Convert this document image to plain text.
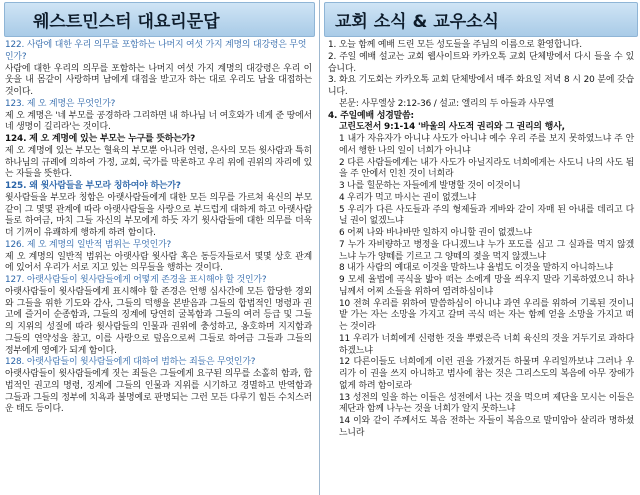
웨스트민스터 대요리문답
122. 사람에 대한 우리 의무를 포함하는 나머지 여섯 가지 계명의 대강령은 무엇인가?
사람에 대한 우리의 의무를 포함하는 나머지 여섯 가지 계명의 대강령은 우리 이웃을 내 몸같이 사랑하며 남에게 대접을 받고자 하는 대로 우리도 남을 대접하는 것이다.
123. 제 오 계명은 무엇인가?
제 오 계명은 '네 부모를 공경하라 그리하면 내 하나님 너 여호와가 네게 준 땅에서 네 생명이 길리라'는 것이다.
124. 제 오 계명에 있는 부모는 누구를 뜻하는가?
제 오 계명에 있는 부모는 혈육의 부모뿐 아니라 연령, 은사의 모든 윗사람과 특히 하나님의 규례에 의하여 가정, 교회, 국가를 막론하고 우리 위에 권위의 자리에 있는 자들을 뜻한다.
125. 왜 윗사람들을 부모라 칭하여야 하는가?
윗사람들을 부모라 칭함은 아랫사람들에게 대한 모든 의무를 가르쳐 육신의 부모같이 그 몇몇 관계에 따라 아랫사람들을 사랑으로 부드럽게 대하게 하고 아랫사람들로 하여금, 마치 그들 자신의 부모에게 하듯 자기 윗사람들에 대한 의무를 더욱더 기꺼이 유쾌하게 행하게 하려 함이다.
126. 제 오 계명의 일반적 범위는 무엇인가?
제 오 계명의 일반적 범위는 아랫사람 윗사람 혹은 동등자들로서 몇몇 상호 관계에 있어서 우리가 서로 지고 있는 의무들을 행하는 것이다.
127. 아랫사람들이 윗사람들에게 어떻게 존경을 표시해야 할 것인가?
아랫사람들이 윗사람들에게 표시해야 할 존경은 언행 심사간에 모든 합당한 경외와 그들을 위한 기도와 감사, 그들의 덕행을 본받음과 그들의 합법적인 명령과 권고에 즐거이 순종함과, 그들의 징계에 당연히 굴복함과 그들의 여러 등급 및 그들의 지위의 성질에 따라 윗사람들의 인물과 권위에 충성하고, 옹호하며 지지함과 그들의 연약성을 참고, 이를 사랑으로 덮음으로써 그들로 하여금 그들과 그들의 정부에게 영예가 되게 함이다.
128. 아랫사람들이 윗사람들에게 대하여 범하는 죄들은 무엇인가?
아랫사람들이 윗사람들에게 짓는 죄들은 그들에게 요구된 의무를 소홀히 함과, 합법적인 권고의 명령, 징계에 그들의 인물과 지위를 시기하고 경멸하고 반역함과 그들과 그들의 정부에 치욕과 불명예로 판명되는 그런 모든 다루기 힘든 수치스러운 태도 등이다.
교회 소식 & 교우소식
1. 오늘 함께 예배 드린 모든 성도들을 주님의 이름으로 환영합니다.
2. 주일 예배 설교는 교회 웹사이트와 카카오톡 교회 단체방에서 다시 들을 수 있습니다.
3. 화요 기도회는 카카오톡 교회 단체방에서 매주 화요일 저녁 8 시 20 분에 갖습니다.
본문: 사무엘상 2:12-36 / 설교: 엘리의 두 아들과 사무엘
4. 주일예배 성경말씀:
고린도전서 9:1-14 '바울의 사도적 권리와 그 권리의 행사,
1 내가 자유자가 아니냐 사도가 아니냐 예수 우리 주를 보지 못하였느냐 주 안에서 행한 나의 일이 너희가 아니냐
2 다른 사람들에게는 내가 사도가 아닐지라도 너희에게는 사도니 나의 사도 됨을 주 안에서 인친 것이 너희라
3 나를 힐문하는 자들에게 발명할 것이 이것이니
4 우리가 먹고 마시는 권이 없겠느냐
5 우리가 다른 사도들과 주의 형제들과 게바와 같이 자매 된 아내를 데리고 다닐 권이 없겠느냐
6 어찌 나와 바나바만 일하지 아니할 권이 없겠느냐
7 누가 자비량하고 병정을 다니겠느냐 누가 포도를 심고 그 실과를 먹지 않겠느냐 누가 양떼를 기르고 그 양떼의 젖을 먹지 않겠느냐
8 내가 사람의 예대로 이것을 말하느냐 율법도 이것을 말하지 아니하느냐
9 모세 율법에 곡식을 밟아 떠는 소에게 망을 씌우지 말라 기록하였으니 하나님께서 어찌 소들을 위하여 염려하심이냐
10 전혀 우리를 위하여 말씀하심이 아니냐 과연 우리를 위하여 기록된 것이니 밭 가는 자는 소망을 가지고 갈며 곡식 떠는 자는 함께 얻을 소망을 가지고 떠는 것이라
11 우리가 너희에게 신령한 것을 뿌렸은즉 너희 육신의 것을 거두기로 과하다 하겠느냐
12 다른이들도 너희에게 이런 권을 가졌거든 하물며 우리일까보냐 그러나 우리가 이 권을 쓰지 아니하고 범사에 참는 것은 그리스도의 복음에 아무 장애가 없게 하려 함이로라
13 성전의 일을 하는 이들은 성전에서 나는 것을 먹으며 제단을 모시는 이들은 제단과 함께 나누는 것을 너희가 알지 못하느냐
14 이와 같이 주께서도 복음 전하는 자들이 복음으로 말미암아 살리라 명하셨느니라
